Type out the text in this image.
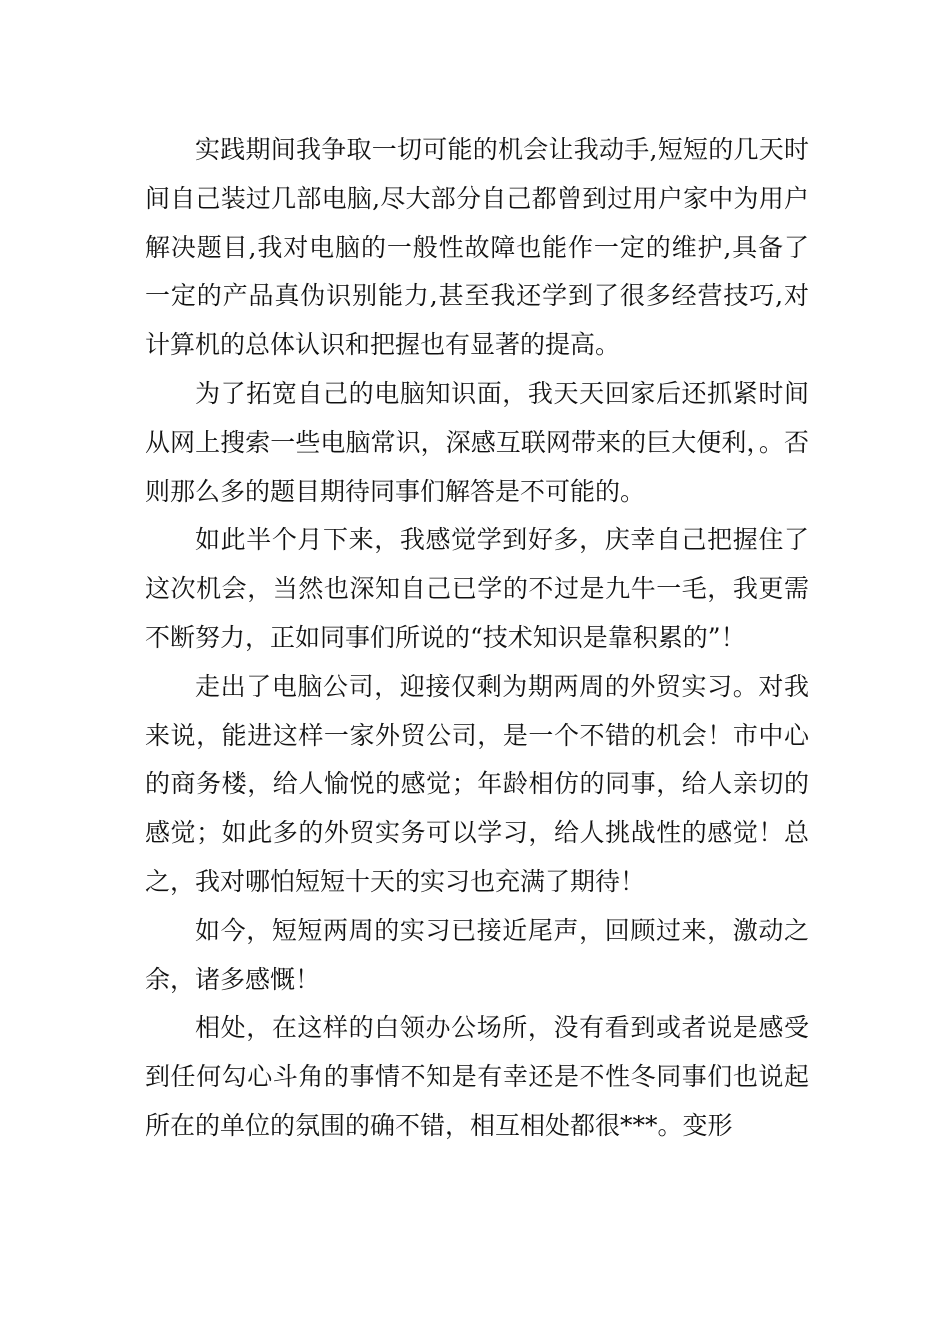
实践期间我争取一切可能的机会让我动手,短短的几天时间自己装过几部电脑,尽大部分自己都曾到过用户家中为用户解决题目,我对电脑的一般性故障也能作一定的维护,具备了一定的产品真伪识别能力,甚至我还学到了很多经营技巧,对计算机的总体认识和把握也有显著的提高。

为了拓宽自己的电脑知识面，我天天回家后还抓紧时间从网上搜索一些电脑常识，深感互联网带来的巨大便利，。否则那么多的题目期待同事们解答是不可能的。

如此半个月下来，我感觉学到好多，庆幸自己把握住了这次机会，当然也深知自己已学的不过是九牛一毛，我更需不断努力，正如同事们所说的“技术知识是靠积累的”！

走出了电脑公司，迎接仅剩为期两周的外贸实习。对我来说，能进这样一家外贸公司，是一个不错的机会！市中心的商务楼，给人愉悦的感觉；年龄相仿的同事，给人亲切的感觉；如此多的外贸实务可以学习，给人挑战性的感觉！总之，我对哪怕短短十天的实习也充满了期待！

如今，短短两周的实习已接近尾声，回顾过来，激动之余，诸多感慨！

相处，在这样的白领办公场所，没有看到或者说是感受到任何勾心斗角的事情不知是有幸还是不性冬同事们也说起所在的单位的氛围的确不错，相互相处都很***。变形
